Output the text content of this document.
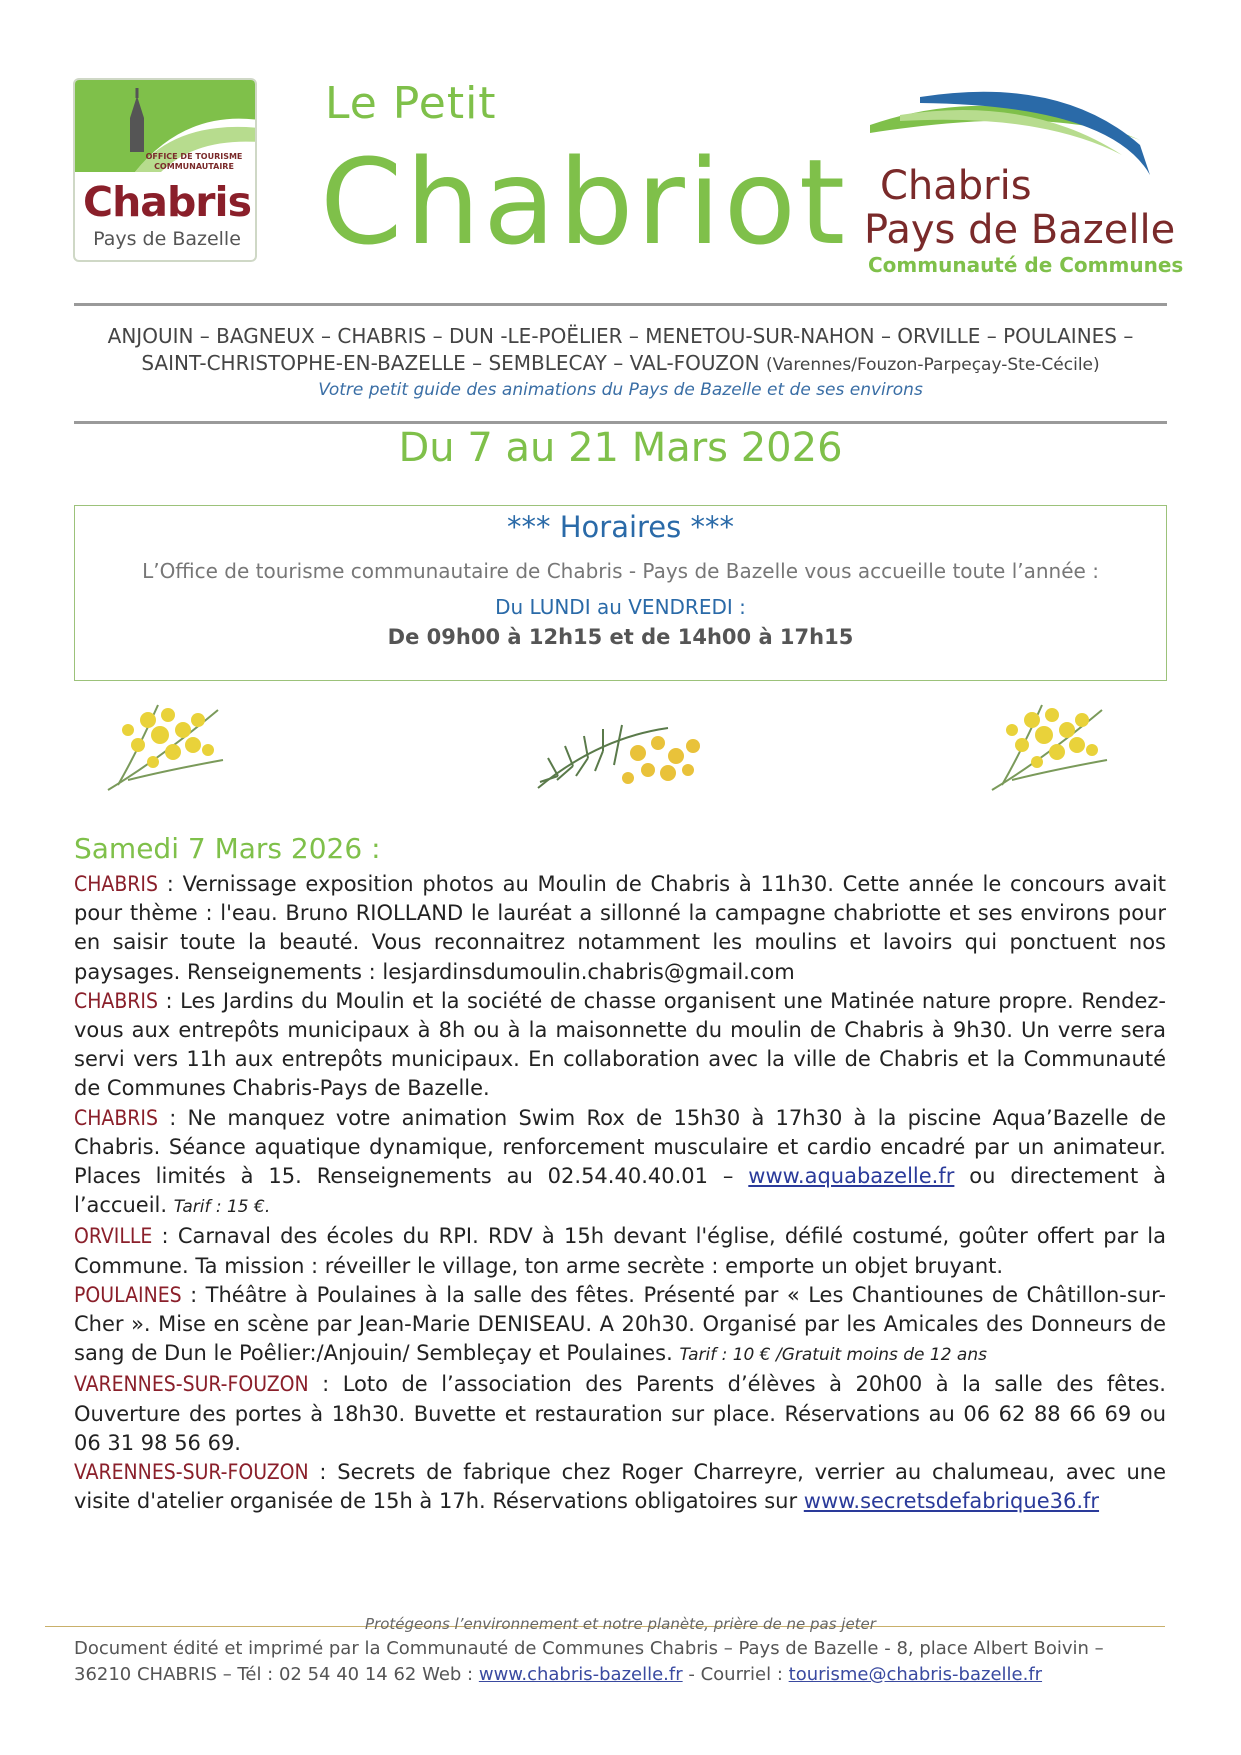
OFFICE DE TOURISME
COMMUNAUTAIRE
Chabris
Pays de Bazelle
Le Petit
Chabriot Chabris
Pays de Bazelle
Communauté de Communes
ANJOUIN – BAGNEUX – CHABRIS – DUN -LE-POËLIER – MENETOU-SUR-NAHON – ORVILLE – POULAINES –
SAINT-CHRISTOPHE-EN-BAZELLE – SEMBLECAY – VAL-FOUZON (Varennes/Fouzon-Parpeçay-Ste-Cécile)
Votre petit guide des animations du Pays de Bazelle et de ses environs
Du 7 au 21 Mars 2026
*** Horaires ***
L’Office de tourisme communautaire de Chabris - Pays de Bazelle vous accueille toute l’année :
Du LUNDI au VENDREDI :
De 09h00 à 12h15 et de 14h00 à 17h15
Samedi 7 Mars 2026 :

CHABRIS : Vernissage exposition photos au Moulin de Chabris à 11h30. Cette année le concours avait pour thème : l'eau. Bruno RIOLLAND le lauréat a sillonné la campagne chabriotte et ses environs pour en saisir toute la beauté. Vous reconnaitrez notamment les moulins et lavoirs qui ponctuent nos paysages. Renseignements : lesjardinsdumoulin.chabris@gmail.com

CHABRIS : Les Jardins du Moulin et la société de chasse organisent une Matinée nature propre. Rendez-vous aux entrepôts municipaux à 8h ou à la maisonnette du moulin de Chabris à 9h30. Un verre sera servi vers 11h aux entrepôts municipaux. En collaboration avec la ville de Chabris et la Communauté de Communes Chabris-Pays de Bazelle.

CHABRIS : Ne manquez votre animation Swim Rox de 15h30 à 17h30 à la piscine Aqua’Bazelle de Chabris. Séance aquatique dynamique, renforcement musculaire et cardio encadré par un animateur. Places limités à 15. Renseignements au 02.54.40.40.01 – www.aquabazelle.fr ou directement à l’accueil. Tarif : 15 €.

ORVILLE : Carnaval des écoles du RPI. RDV à 15h devant l'église, défilé costumé, goûter offert par la Commune. Ta mission : réveiller le village, ton arme secrète : emporte un objet bruyant.

POULAINES : Théâtre à Poulaines à la salle des fêtes. Présenté par « Les Chantiounes de Châtillon-sur-Cher ». Mise en scène par Jean-Marie DENISEAU. A 20h30. Organisé par les Amicales des Donneurs de sang de Dun le Poêlier:/Anjouin/ Sembleçay et Poulaines. Tarif : 10 € /Gratuit moins de 12 ans

VARENNES-SUR-FOUZON : Loto de l’association des Parents d’élèves à 20h00 à la salle des fêtes. Ouverture des portes à 18h30. Buvette et restauration sur place. Réservations au 06 62 88 66 69 ou 06 31 98 56 69.

VARENNES-SUR-FOUZON : Secrets de fabrique chez Roger Charreyre, verrier au chalumeau, avec une visite d'atelier organisée de 15h à 17h. Réservations obligatoires sur www.secretsdefabrique36.fr

Protégeons l’environnement et notre planète, prière de ne pas jeter
Document édité et imprimé par la Communauté de Communes Chabris – Pays de Bazelle - 8, place Albert Boivin –
36210 CHABRIS – Tél : 02 54 40 14 62 Web : www.chabris-bazelle.fr - Courriel : tourisme@chabris-bazelle.fr
